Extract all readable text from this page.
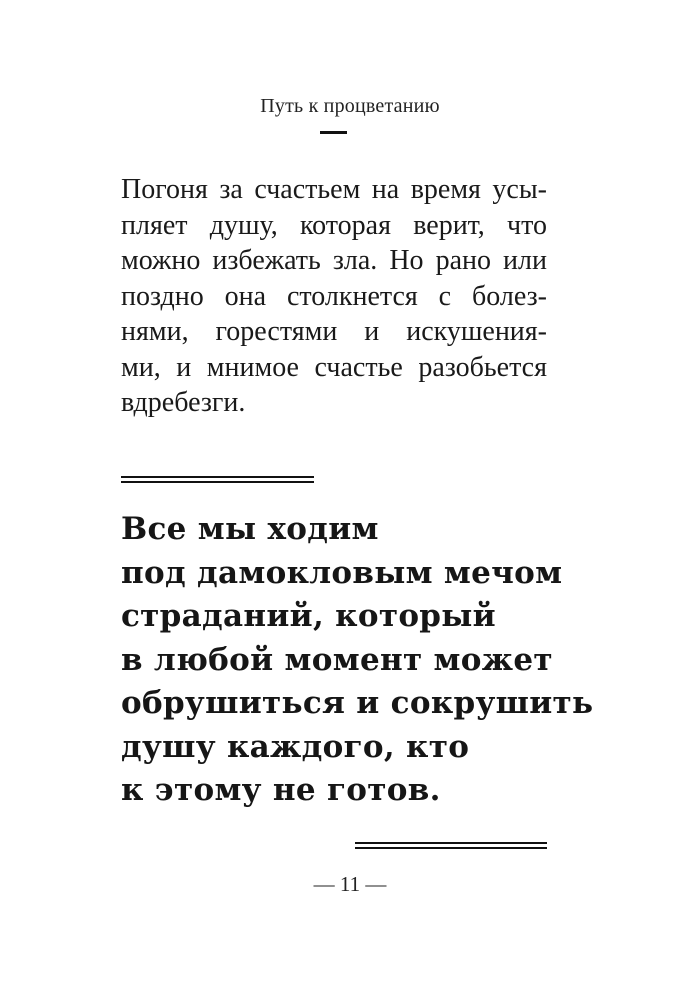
Путь к процветанию
Погоня за счастьем на время усы-
пляет душу, которая верит, что
можно избежать зла. Но рано или
поздно она столкнется с болез-
нями, горестями и искушения-
ми, и мнимое счастье разобьется
вдребезги.
Все мы ходим
под дамокловым мечом
страданий, который
в любой момент может
обрушиться и сокрушить
душу каждого, кто
к этому не готов.
— 11 —
